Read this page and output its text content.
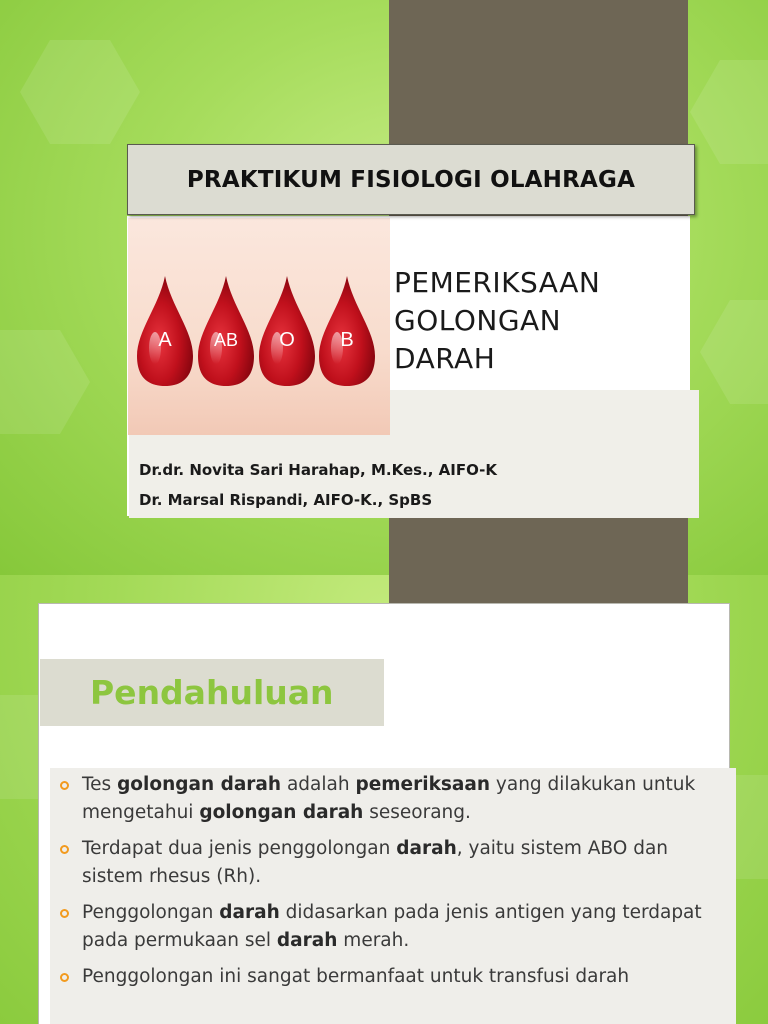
A AB O B
PRAKTIKUM FISIOLOGI OLAHRAGA
PEMERIKSAAN
GOLONGAN
DARAH
Dr.dr. Novita Sari Harahap, M.Kes., AIFO-K
Dr. Marsal Rispandi, AIFO-K., SpBS
Pendahuluan
Tes golongan darah adalah pemeriksaan yang dilakukan untuk mengetahui golongan darah seseorang.
Terdapat dua jenis penggolongan darah, yaitu sistem ABO dan sistem rhesus (Rh).
Penggolongan darah didasarkan pada jenis antigen yang terdapat pada permukaan sel darah merah.
Penggolongan ini sangat bermanfaat untuk transfusi darah
